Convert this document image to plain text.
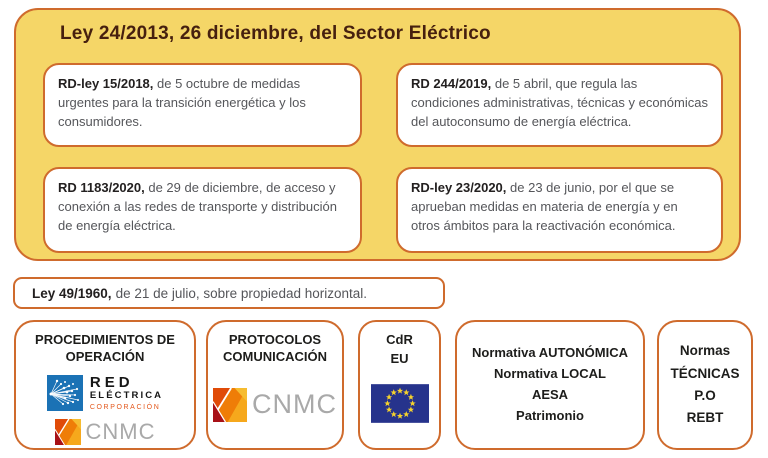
Ley 24/2013, 26 diciembre, del Sector Eléctrico
RD-ley 15/2018, de 5 octubre de medidas urgentes para la transición energética y los consumidores.
RD 244/2019, de 5 abril, que regula las condiciones administrativas, técnicas y económicas del autoconsumo de energía eléctrica.
RD 1183/2020, de 29 de diciembre, de acceso y conexión a las redes de transporte y distribución de energía eléctrica.
RD-ley 23/2020, de 23 de junio, por el que se aprueban medidas en materia de energía y en otros ámbitos para la reactivación económica.
Ley 49/1960, de 21 de julio, sobre propiedad horizontal.
PROCEDIMIENTOS DE OPERACIÓN
RED
ELÉCTRICA
CORPORACIÓN
CNMC
PROTOCOLOS COMUNICACIÓN
CNMC
CdR
EU	Normativa AUTONÓMICA
Normativa LOCAL
AESA
Patrimonio
Normas
TÉCNICAS
P.O
REBT
